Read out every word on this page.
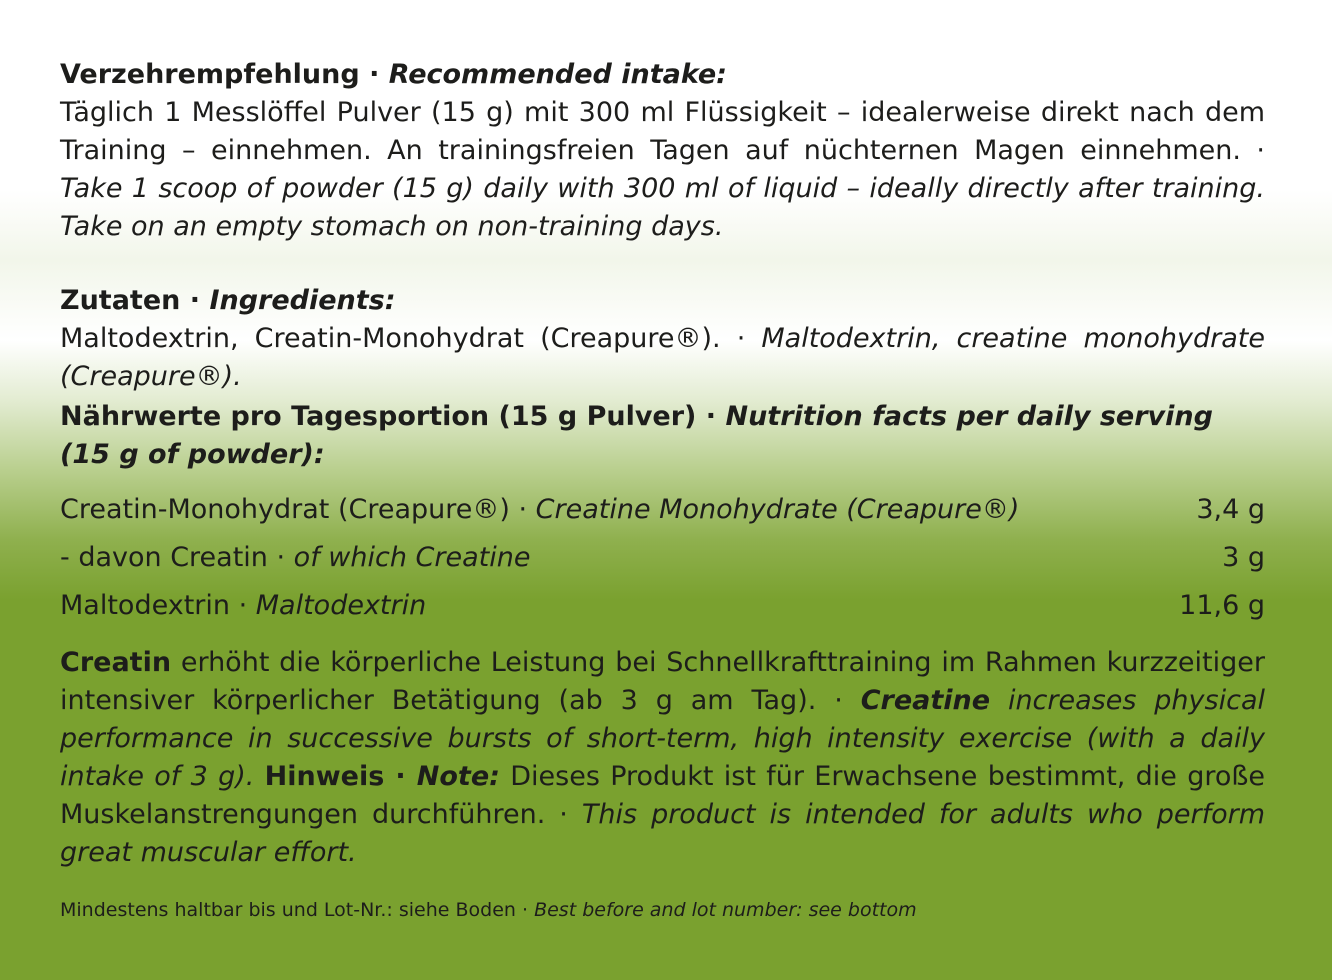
Verzehrempfehlung · Recommended intake:

Täglich 1 Messlöffel Pulver (15 g) mit 300 ml Flüssigkeit – idealerweise direkt nach dem Training – einnehmen. An trainingsfreien Tagen auf nüchternen Magen einnehmen. · Take 1 scoop of powder (15 g) daily with 300 ml of liquid – ideally directly after training. Take on an empty stomach on non-training days.

Zutaten · Ingredients:

Maltodextrin, Creatin-Monohydrat (Creapure®). · Maltodextrin, creatine monohydrate (Creapure®).

Nährwerte pro Tagesportion (15 g Pulver) · Nutrition facts per daily serving (15 g of powder):

Creatin-Monohydrat (Creapure®) · Creatine Monohydrate (Creapure®)	3,4 g
- davon Creatin · of which Creatine	3 g
Maltodextrin · Maltodextrin	11,6 g

Creatin erhöht die körperliche Leistung bei Schnellkrafttraining im Rahmen kurzzeitiger intensiver körperlicher Betätigung (ab 3 g am Tag). · Creatine increases physical performance in successive bursts of short-term, high intensity exercise (with a daily intake of 3 g). Hinweis · Note: Dieses Produkt ist für Erwachsene bestimmt, die große Muskelanstrengungen durchführen. · This product is intended for adults who perform great muscular effort.

Mindestens haltbar bis und Lot-Nr.: siehe Boden · Best before and lot number: see bottom
